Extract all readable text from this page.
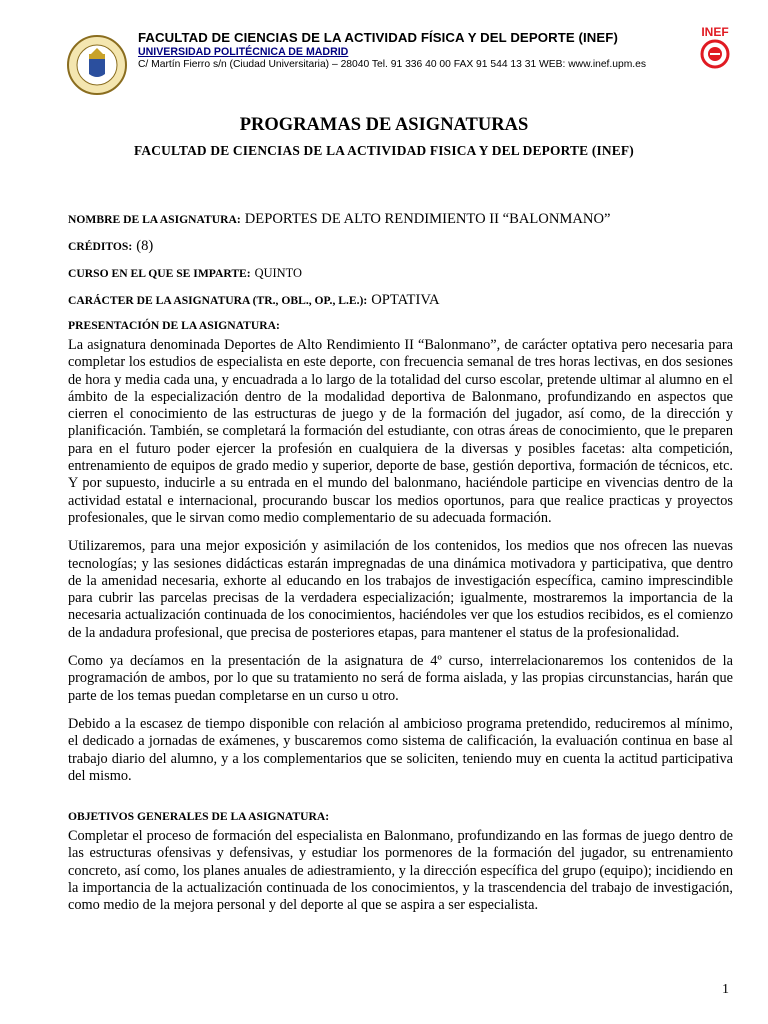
FACULTAD DE CIENCIAS DE LA ACTIVIDAD FÍSICA Y DEL DEPORTE (INEF)
UNIVERSIDAD POLITÉCNICA DE MADRID
C/ Martín Fierro s/n (Ciudad Universitaria) – 28040 Tel. 91 336 40 00 FAX 91 544 13 31 WEB: www.inef.upm.es
INEF
PROGRAMAS DE ASIGNATURAS
FACULTAD DE CIENCIAS DE LA ACTIVIDAD FISICA Y DEL DEPORTE (INEF)
NOMBRE DE LA ASIGNATURA: DEPORTES DE ALTO RENDIMIENTO II “BALONMANO”
CRÉDITOS: (8)
CURSO EN EL QUE SE IMPARTE: QUINTO
CARÁCTER DE LA ASIGNATURA (TR., OBL., OP., L.E.): OPTATIVA
PRESENTACIÓN DE LA ASIGNATURA:

La asignatura denominada Deportes de Alto Rendimiento II “Balonmano”, de carácter optativa pero necesaria para completar los estudios de especialista en este deporte, con frecuencia semanal de tres horas lectivas, en dos sesiones de hora y media cada una, y encuadrada a lo largo de la totalidad del curso escolar, pretende ultimar al alumno en el ámbito de la especialización dentro de la modalidad deportiva de Balonmano, profundizando en aspectos que cierren el conocimiento de las estructuras de juego y de la formación del jugador, así como, de la dirección y planificación. También, se completará la formación del estudiante, con otras áreas de conocimiento, que le preparen para en el futuro poder ejercer la profesión en cualquiera de la diversas y posibles facetas: alta competición, entrenamiento de equipos de grado medio y superior, deporte de base, gestión deportiva, formación de técnicos, etc. Y por supuesto, inducirle a su entrada en el mundo del balonmano, haciéndole participe en vivencias dentro de la actividad estatal e internacional, procurando buscar los medios oportunos, para que realice practicas y proyectos profesionales, que le sirvan como medio complementario de su adecuada formación.

Utilizaremos, para una mejor exposición y asimilación de los contenidos, los medios que nos ofrecen las nuevas tecnologías; y las sesiones didácticas estarán impregnadas de una dinámica motivadora y participativa, que dentro de la amenidad necesaria, exhorte al educando en los trabajos de investigación específica, camino imprescindible para cubrir las parcelas precisas de la verdadera especialización; igualmente, mostraremos la importancia de la necesaria actualización continuada de los conocimientos, haciéndoles ver que los estudios recibidos, es el comienzo de la andadura profesional, que precisa de posteriores etapas, para mantener el status de la profesionalidad.

Como ya decíamos en la presentación de la asignatura de 4º curso, interrelacionaremos los contenidos de la programación de ambos, por lo que su tratamiento no será de forma aislada, y las propias circunstancias, harán que parte de los temas puedan completarse en un curso u otro.

Debido a la escasez de tiempo disponible con relación al ambicioso programa pretendido, reduciremos al mínimo, el dedicado a jornadas de exámenes, y buscaremos como sistema de calificación, la evaluación continua en base al trabajo diario del alumno, y a los complementarios que se soliciten, teniendo muy en cuenta la actitud participativa del mismo.

OBJETIVOS GENERALES DE LA ASIGNATURA:

Completar el proceso de formación del especialista en Balonmano, profundizando en las formas de juego dentro de las estructuras ofensivas y defensivas, y estudiar los pormenores de la formación del jugador, su entrenamiento concreto, así como, los planes anuales de adiestramiento, y la dirección específica del grupo (equipo); incidiendo en la importancia de la actualización continuada de los conocimientos, y la trascendencia del trabajo de investigación, como medio de la mejora personal y del deporte al que se aspira a ser especialista.

1
